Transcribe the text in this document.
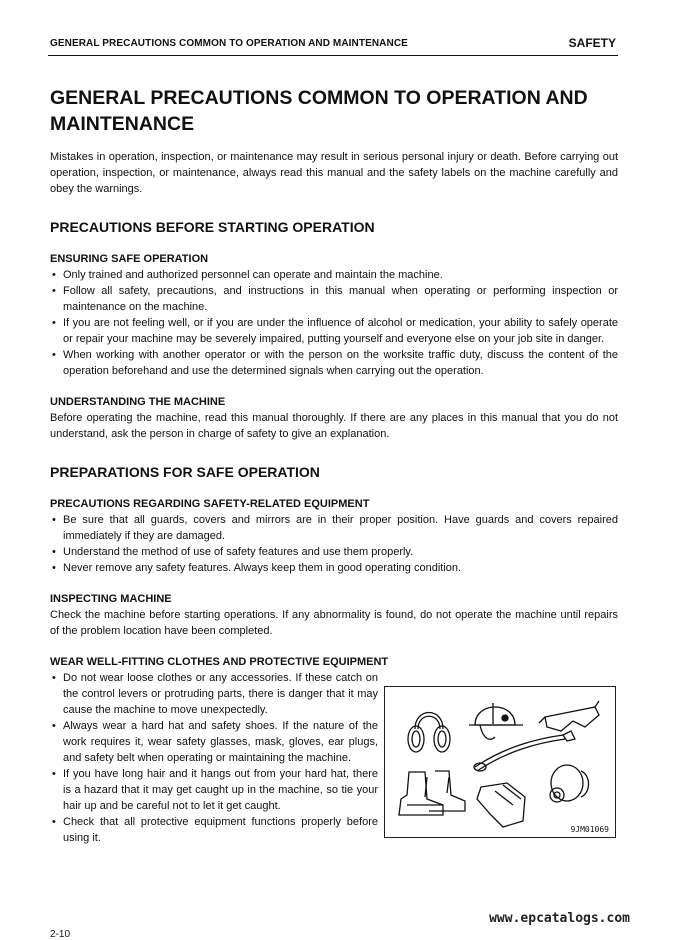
GENERAL PRECAUTIONS COMMON TO OPERATION AND MAINTENANCE	SAFETY
GENERAL PRECAUTIONS COMMON TO OPERATION AND MAINTENANCE

Mistakes in operation, inspection, or maintenance may result in serious personal injury or death. Before carrying out operation, inspection, or maintenance, always read this manual and the safety labels on the machine carefully and obey the warnings.

PRECAUTIONS BEFORE STARTING OPERATION
ENSURING SAFE OPERATION
• Only trained and authorized personnel can operate and maintain the machine.
• Follow all safety, precautions, and instructions in this manual when operating or performing inspection or maintenance on the machine.
• If you are not feeling well, or if you are under the influence of alcohol or medication, your ability to safely operate or repair your machine may be severely impaired, putting yourself and everyone else on your job site in danger.
• When working with another operator or with the person on the worksite traffic duty, discuss the content of the operation beforehand and use the determined signals when carrying out the operation.
UNDERSTANDING THE MACHINE

Before operating the machine, read this manual thoroughly. If there are any places in this manual that you do not understand, ask the person in charge of safety to give an explanation.

PREPARATIONS FOR SAFE OPERATION
PRECAUTIONS REGARDING SAFETY-RELATED EQUIPMENT
• Be sure that all guards, covers and mirrors are in their proper position. Have guards and covers repaired immediately if they are damaged.
• Understand the method of use of safety features and use them properly.
• Never remove any safety features. Always keep them in good operating condition.
INSPECTING MACHINE

Check the machine before starting operations. If any abnormality is found, do not operate the machine until repairs of the problem location have been completed.

WEAR WELL-FITTING CLOTHES AND PROTECTIVE EQUIPMENT
• Do not wear loose clothes or any accessories. If these catch on the control levers or protruding parts, there is danger that it may cause the machine to move unexpectedly.
• Always wear a hard hat and safety shoes. If the nature of the work requires it, wear safety glasses, mask, gloves, ear plugs, and safety belt when operating or maintaining the machine.
• If you have long hair and it hangs out from your hard hat, there is a hazard that it may get caught up in the machine, so tie your hair up and be careful not to let it get caught.
• Check that all protective equipment functions properly before using it.
9JM01069
www.epcatalogs.com
2-10
